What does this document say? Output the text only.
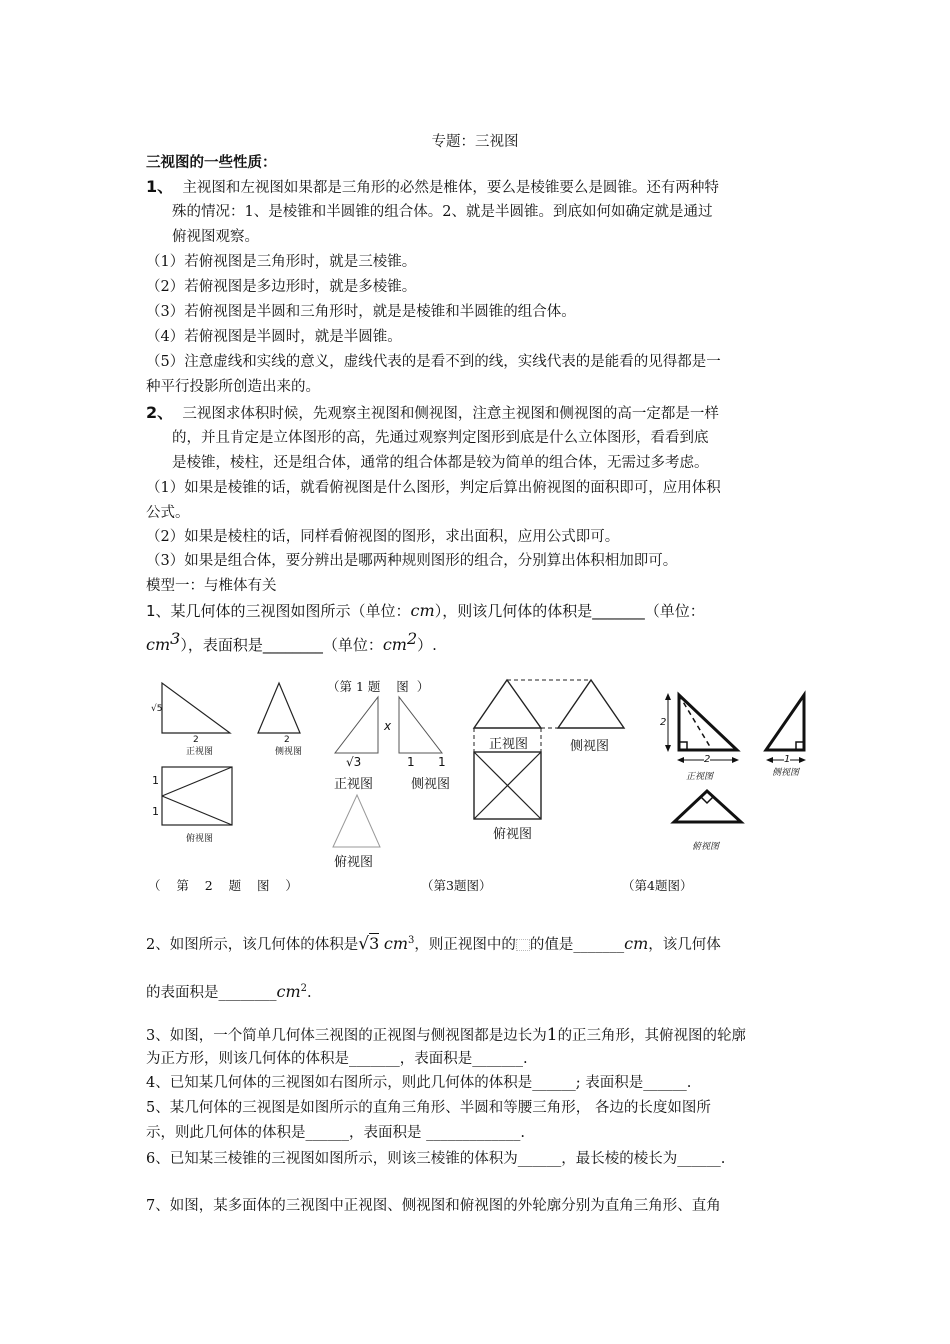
专题：三视图
三视图的一些性质：
1、 主视图和左视图如果都是三角形的必然是椎体，要么是棱锥要么是圆锥。还有两种特
殊的情况：1、是棱锥和半圆锥的组合体。2、就是半圆锥。到底如何如确定就是通过
俯视图观察。
（1）若俯视图是三角形时，就是三棱锥。
（2）若俯视图是多边形时，就是多棱锥。
（3）若俯视图是半圆和三角形时，就是是棱锥和半圆锥的组合体。
（4）若俯视图是半圆时，就是半圆锥。
（5）注意虚线和实线的意义，虚线代表的是看不到的线，实线代表的是能看的见得都是一
种平行投影所创造出来的。
2、 三视图求体积时候，先观察主视图和侧视图，注意主视图和侧视图的高一定都是一样
的，并且肯定是立体图形的高，先通过观察判定图形到底是什么立体图形，看看到底
是棱锥，棱柱，还是组合体，通常的组合体都是较为简单的组合体，无需过多考虑。
（1）如果是棱锥的话，就看俯视图是什么图形，判定后算出俯视图的面积即可，应用体积
公式。
（2）如果是棱柱的话，同样看俯视图的图形，求出面积，应用公式即可。
（3）如果是组合体，要分辨出是哪两种规则图形的组合，分别算出体积相加即可。
模型一：与椎体有关
1、某几何体的三视图如图所示（单位：cm），则该几何体的体积是_______（单位：
$cm^3$），表面积是________（单位：$cm^2$）.
√5
2
正视图
2
侧视图
1
1
俯视图
（第 1 题    图  ）
x
√3	1 1
正视图	侧视图
俯视图
（    第    2    题    图    ）
正视图	侧视图
俯视图
（第3题图）
2
2	1
正视图	侧视图
俯视图
（第4题图）
2、如图所示，该几何体的体积是√3 $cm^3$，则正视图中的 的值是_______cm，该几何体
的表面积是$\_\_\_\_\_\_\_\_cm^2$.
3、如图，一个简单几何体三视图的正视图与侧视图都是边长为1的正三角形，其俯视图的轮廓
为正方形，则该几何体的体积是_______，表面积是_______.
4、已知某几何体的三视图如右图所示，则此几何体的体积是______; 表面积是______.
5、某几何体的三视图是如图所示的直角三角形、半圆和等腰三角形， 各边的长度如图所
示，则此几何体的体积是______，表面积是 _____________.
6、已知某三棱锥的三视图如图所示，则该三棱锥的体积为______，最长棱的棱长为______.
7、如图，某多面体的三视图中正视图、侧视图和俯视图的外轮廓分别为直角三角形、直角
